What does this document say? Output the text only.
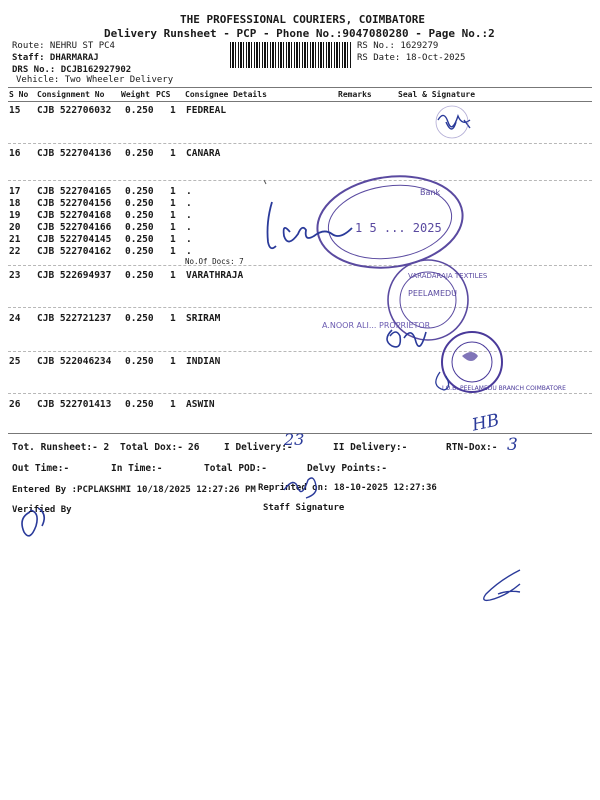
THE PROFESSIONAL COURIERS, COIMBATORE
Delivery Runsheet - PCP - Phone No.:9047080280 - Page No.:2
Route: NEHRU ST PC4
Staff: DHARMARAJ
DRS No.: DCJB162927902
Vehicle: Two Wheeler Delivery
RS No.: 1629279
RS Date: 18-Oct-2025
S No Consignment No Weight PCS Consignee Details	Remarks	Seal & Signature
15 CJB 522706032 0.250 1 FEDREAL
16 CJB 522704136 0.250 1 CANARA
17 CJB 522704165 0.250 1 .
18 CJB 522704156 0.250 1 .
19 CJB 522704168 0.250 1 .
20 CJB 522704166 0.250 1 .
21 CJB 522704145 0.250 1 .
22 CJB 522704162 0.250 1 .
No.Of Docs: 7
23 CJB 522694937 0.250 1 VARATHRAJA
24 CJB 522721237 0.250 1 SRIRAM
25 CJB 522046234 0.250 1 INDIAN
26 CJB 522701413 0.250 1 ASWIN
Tot. Runsheet:- 2 Total Dox:- 26	I Delivery:-	II Delivery:-	RTN-Dox:-
Out Time:-	In Time:-	Total POD:-	Delvy Points:-
Entered By :PCPLAKSHMI 10/18/2025 12:27:26 PM Reprinted on: 18-10-2025 12:27:36
Verified By	Staff Signature
23	3
HB
Bank
1 5 ... 2025
VARADARAJA TEXTILES
PEELAMEDU
A.NOOR ALI... PROPRIETOR
I.O.B. PEELAMEDU BRANCH COIMBATORE
